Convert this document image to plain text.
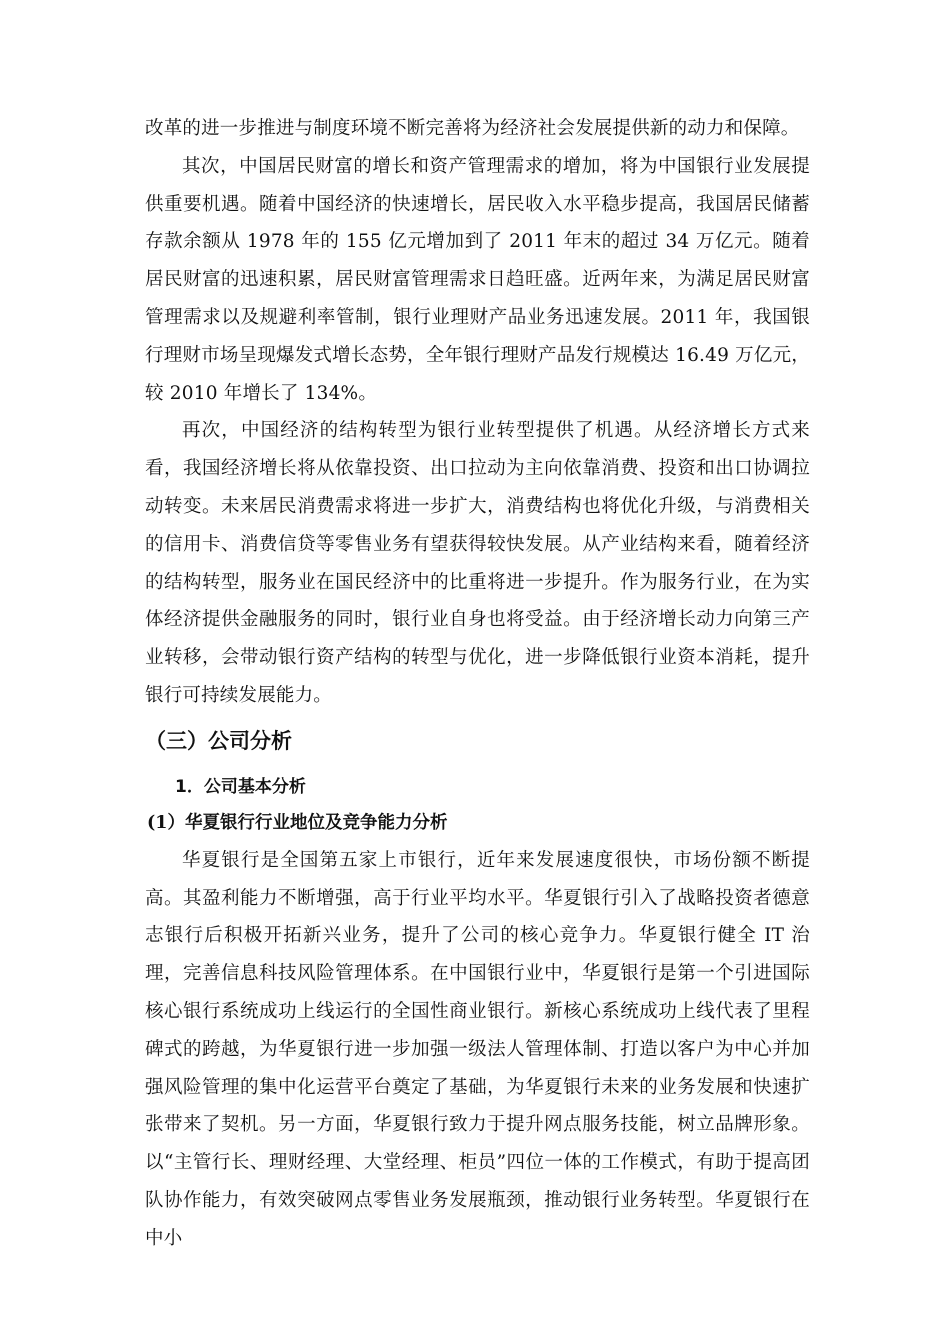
改革的进一步推进与制度环境不断完善将为经济社会发展提供新的动力和保障。

其次，中国居民财富的增长和资产管理需求的增加，将为中国银行业发展提供重要机遇。随着中国经济的快速增长，居民收入水平稳步提高，我国居民储蓄存款余额从 1978 年的 155 亿元增加到了 2011 年末的超过 34 万亿元。随着居民财富的迅速积累，居民财富管理需求日趋旺盛。近两年来，为满足居民财富管理需求以及规避利率管制，银行业理财产品业务迅速发展。2011 年，我国银行理财市场呈现爆发式增长态势，全年银行理财产品发行规模达 16.49 万亿元，较 2010 年增长了 134%。

再次，中国经济的结构转型为银行业转型提供了机遇。从经济增长方式来看，我国经济增长将从依靠投资、出口拉动为主向依靠消费、投资和出口协调拉动转变。未来居民消费需求将进一步扩大，消费结构也将优化升级，与消费相关的信用卡、消费信贷等零售业务有望获得较快发展。从产业结构来看，随着经济的结构转型，服务业在国民经济中的比重将进一步提升。作为服务行业，在为实体经济提供金融服务的同时，银行业自身也将受益。由于经济增长动力向第三产业转移，会带动银行资产结构的转型与优化，进一步降低银行业资本消耗，提升银行可持续发展能力。

（三）公司分析
1．公司基本分析
(1）华夏银行行业地位及竞争能力分析

华夏银行是全国第五家上市银行，近年来发展速度很快，市场份额不断提高。其盈利能力不断增强，高于行业平均水平。华夏银行引入了战略投资者德意志银行后积极开拓新兴业务，提升了公司的核心竞争力。华夏银行健全 IT 治理，完善信息科技风险管理体系。在中国银行业中，华夏银行是第一个引进国际核心银行系统成功上线运行的全国性商业银行。新核心系统成功上线代表了里程碑式的跨越，为华夏银行进一步加强一级法人管理体制、打造以客户为中心并加强风险管理的集中化运营平台奠定了基础，为华夏银行未来的业务发展和快速扩张带来了契机。另一方面，华夏银行致力于提升网点服务技能，树立品牌形象。以“主管行长、理财经理、大堂经理、柜员”四位一体的工作模式，有助于提高团队协作能力，有效突破网点零售业务发展瓶颈，推动银行业务转型。华夏银行在中小
